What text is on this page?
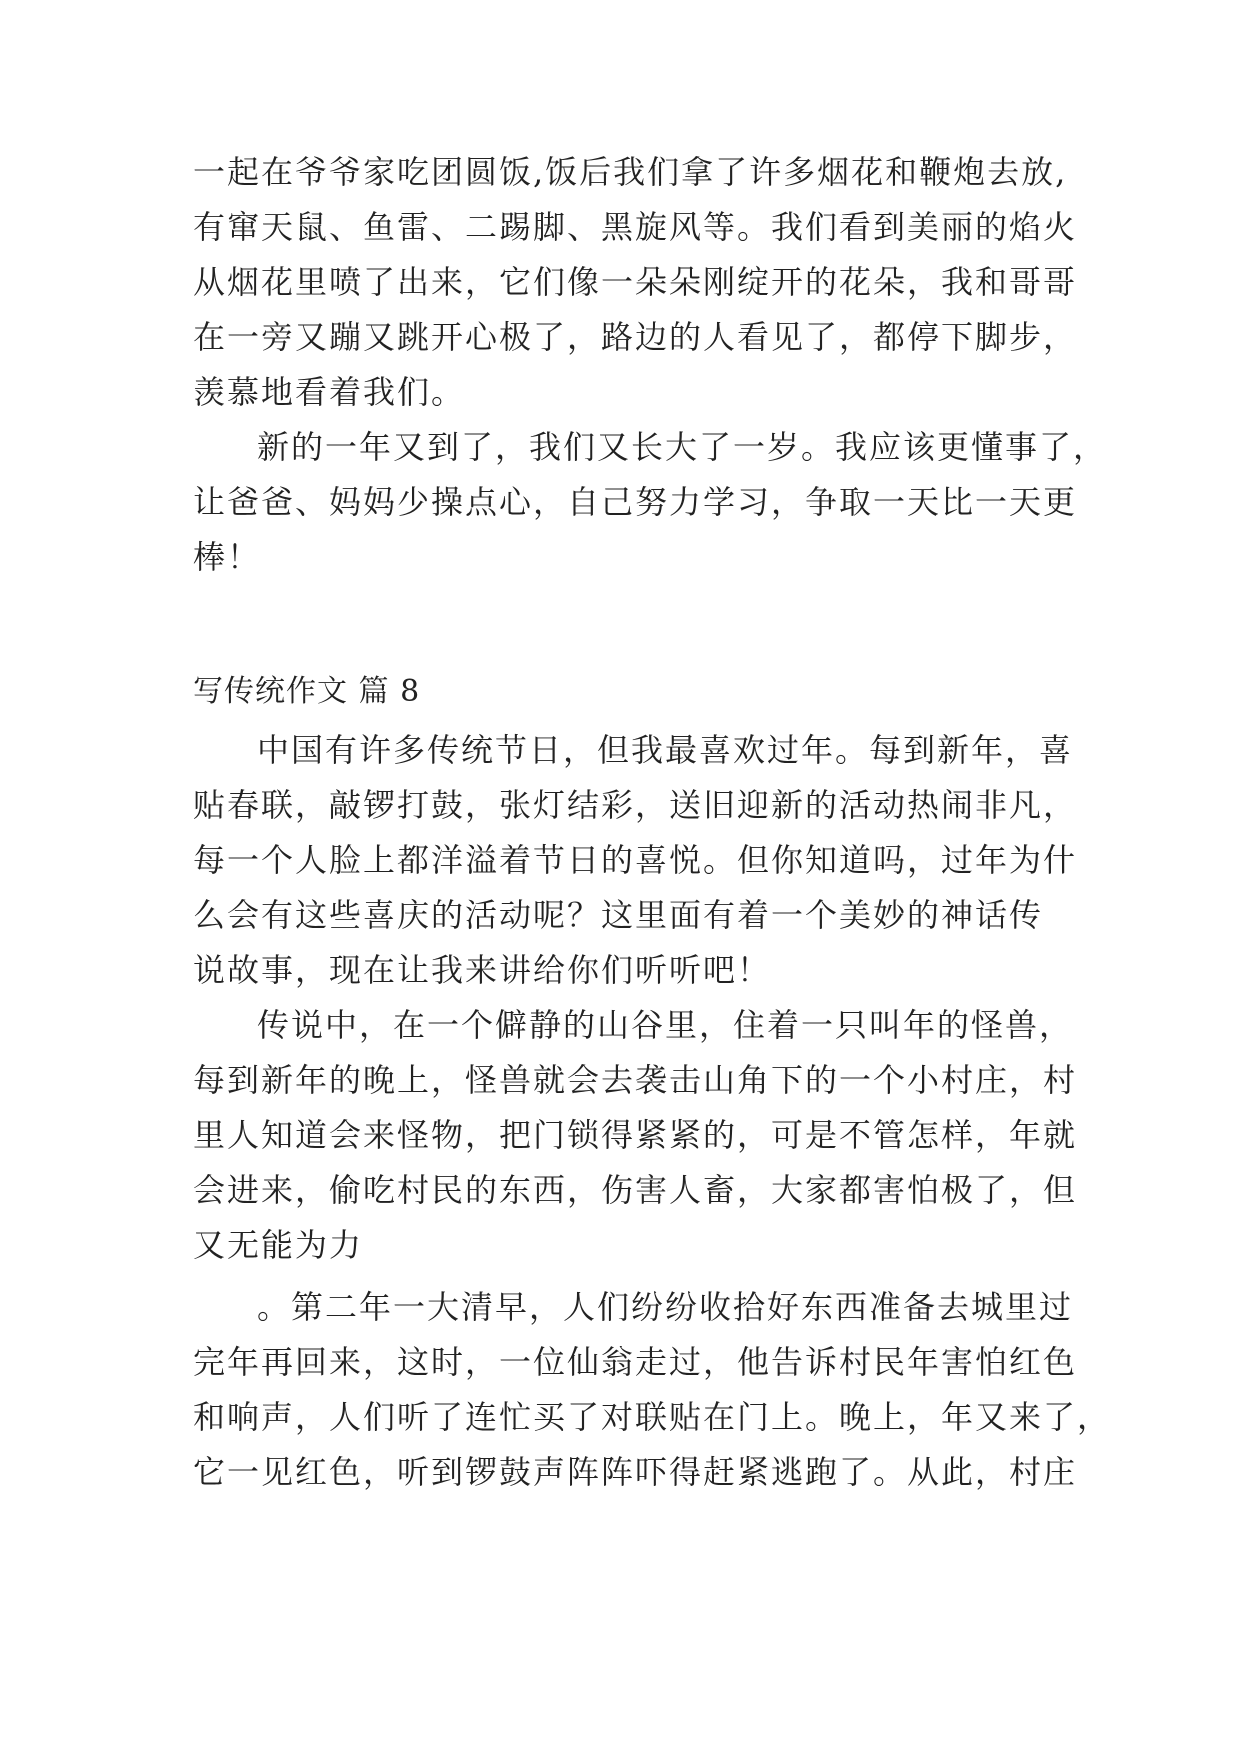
一起在爷爷家吃团圆饭,饭后我们拿了许多烟花和鞭炮去放,
有窜天鼠、鱼雷、二踢脚、黑旋风等。我们看到美丽的焰火
从烟花里喷了出来，它们像一朵朵刚绽开的花朵，我和哥哥
在一旁又蹦又跳开心极了，路边的人看见了，都停下脚步，
羡慕地看着我们。
新的一年又到了，我们又长大了一岁。我应该更懂事了，
让爸爸、妈妈少操点心，自己努力学习，争取一天比一天更
棒！
写传统作文 篇 8
中国有许多传统节日，但我最喜欢过年。每到新年，喜
贴春联，敲锣打鼓，张灯结彩，送旧迎新的活动热闹非凡，
每一个人脸上都洋溢着节日的喜悦。但你知道吗，过年为什
么会有这些喜庆的活动呢？这里面有着一个美妙的神话传
说故事，现在让我来讲给你们听听吧！
传说中，在一个僻静的山谷里，住着一只叫年的怪兽，
每到新年的晚上，怪兽就会去袭击山角下的一个小村庄，村
里人知道会来怪物，把门锁得紧紧的，可是不管怎样，年就
会进来，偷吃村民的东西，伤害人畜，大家都害怕极了，但
又无能为力
。第二年一大清早，人们纷纷收拾好东西准备去城里过
完年再回来，这时，一位仙翁走过，他告诉村民年害怕红色
和响声，人们听了连忙买了对联贴在门上。晚上，年又来了，
它一见红色，听到锣鼓声阵阵吓得赶紧逃跑了。从此，村庄
